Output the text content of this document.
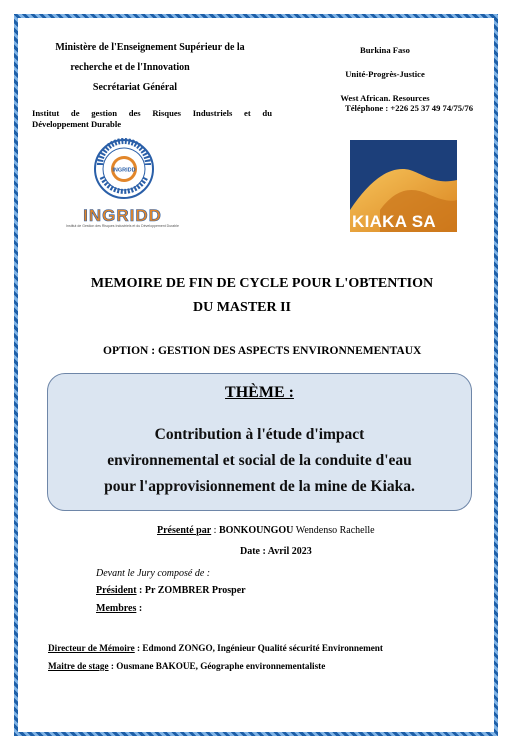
Ministère de l'Enseignement Supérieur de la
recherche et de l'Innovation
Secrétariat Général
Institut de gestion des Risques Industriels et du
Développement Durable
Burkina Faso
Unité-Progrès-Justice
West African. Resources
Téléphone : +226 25 37 49 74/75/76
INGRIDD
INGRIDD
Institut de Gestion des Risques Industriels et du Développement Durable	KIAKA SA
MEMOIRE DE FIN DE CYCLE POUR L'OBTENTION
DU MASTER II
OPTION : GESTION DES ASPECTS ENVIRONNEMENTAUX
THÈME :
Contribution à l'étude d'impact
environnemental et social de la conduite d'eau
pour l'approvisionnement de la mine de Kiaka.
Présenté par : BONKOUNGOU Wendenso Rachelle
Date : Avril 2023
Devant le Jury composé de :
Président : Pr ZOMBRER Prosper
Membres :
Directeur de Mémoire : Edmond ZONGO, Ingénieur Qualité sécurité Environnement
Maitre de stage : Ousmane BAKOUE, Géographe environnementaliste
